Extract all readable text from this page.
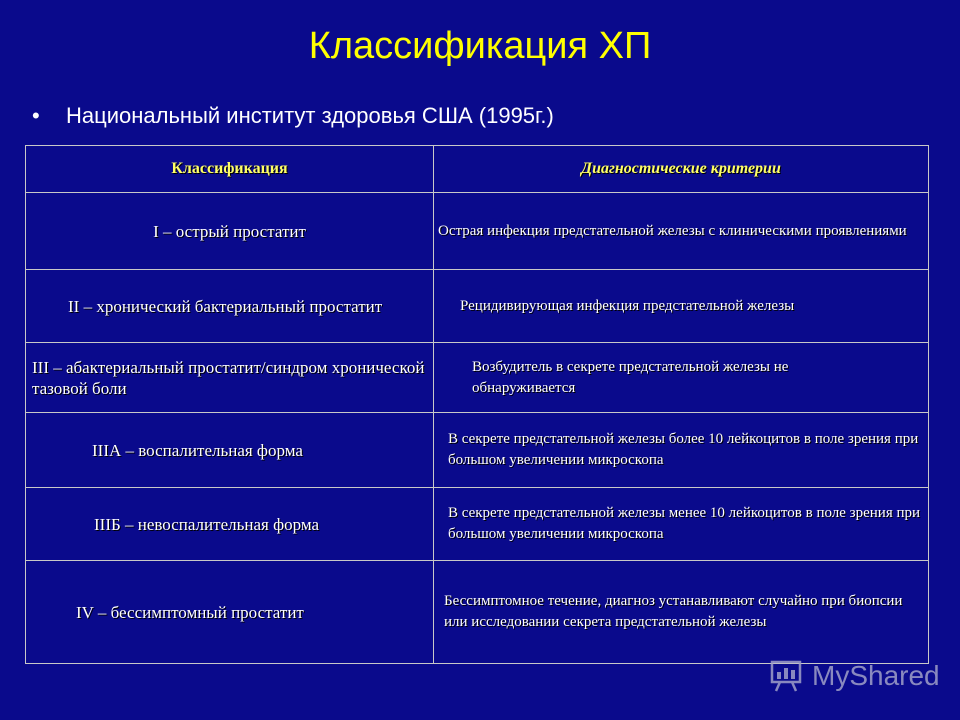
Классификация ХП
• Национальный институт здоровья США (1995г.)
Классификация	Диагностические критерии
I – острый простатит	Острая инфекция предстательной железы с клиническими проявлениями
II – хронический бактериальный простатит	Рецидивирующая инфекция предстательной железы
III – абактериальный простатит/синдром хронической тазовой боли	Возбудитель в секрете предстательной железы не обнаруживается
IIIА – воспалительная форма	В секрете предстательной железы более 10 лейкоцитов в поле зрения при большом увеличении микроскопа
IIIБ – невоспалительная форма	В секрете предстательной железы менее 10 лейкоцитов в поле зрения при большом увеличении микроскопа
IV – бессимптомный простатит	Бессимптомное течение, диагноз устанавливают случайно при биопсии или исследовании секрета предстательной железы
MyShared
